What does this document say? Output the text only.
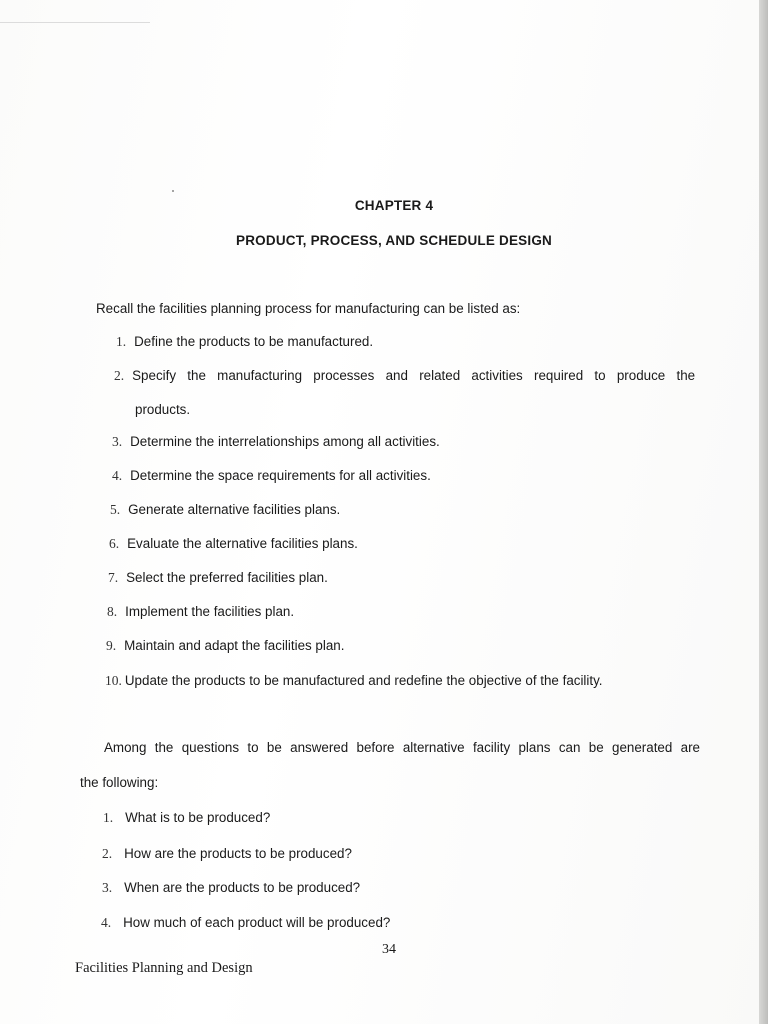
CHAPTER 4
PRODUCT, PROCESS, AND SCHEDULE DESIGN
Recall the facilities planning process for manufacturing can be listed as:
1. Define the products to be manufactured.
2. Specify the manufacturing processes and related activities required to produce the
products.
3. Determine the interrelationships among all activities.
4. Determine the space requirements for all activities.
5. Generate alternative facilities plans.
6. Evaluate the alternative facilities plans.
7. Select the preferred facilities plan.
8. Implement the facilities plan.
9. Maintain and adapt the facilities plan.
10. Update the products to be manufactured and redefine the objective of the facility.
Among the questions to be answered before alternative facility plans can be generated are
the following:
1. What is to be produced?
2. How are the products to be produced?
3. When are the products to be produced?
4. How much of each product will be produced?
34
Facilities Planning and Design
